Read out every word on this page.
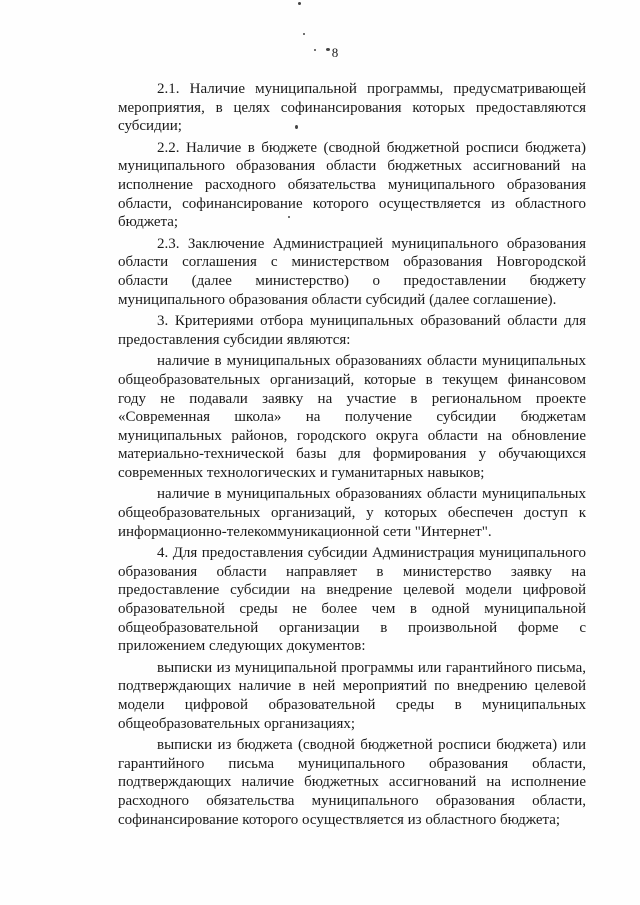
8

2.1. Наличие муниципальной программы, предусматривающей мероприятия, в целях софинансирования которых предоставляются субсидии;

2.2. Наличие в бюджете (сводной бюджетной росписи бюджета) муниципального образования области бюджетных ассигнований на исполнение расходного обязательства муниципального образования области, софинансирование которого осуществляется из областного бюджета;

2.3. Заключение Администрацией муниципального образования области соглашения с министерством образования Новгородской области (далее министерство) о предоставлении бюджету муниципального образования области субсидий (далее соглашение).

3. Критериями отбора муниципальных образований области для предоставления субсидии являются:

наличие в муниципальных образованиях области муниципальных общеобразовательных организаций, которые в текущем финансовом году не подавали заявку на участие в региональном проекте «Современная школа» на получение субсидии бюджетам муниципальных районов, городского округа области на обновление материально-технической базы для формирования у обучающихся современных технологических и гуманитарных навыков;

наличие в муниципальных образованиях области муниципальных общеобразовательных организаций, у которых обеспечен доступ к информационно-телекоммуникационной сети "Интернет".

4. Для предоставления субсидии Администрация муниципального образования области направляет в министерство заявку на предоставление субсидии на внедрение целевой модели цифровой образовательной среды не более чем в одной муниципальной общеобразовательной организации в произвольной форме с приложением следующих документов:

выписки из муниципальной программы или гарантийного письма, подтверждающих наличие в ней мероприятий по внедрению целевой модели цифровой образовательной среды в муниципальных общеобразовательных организациях;

выписки из бюджета (сводной бюджетной росписи бюджета) или гарантийного письма муниципального образования области, подтверждающих наличие бюджетных ассигнований на исполнение расходного обязательства муниципального образования области, софинансирование которого осуществляется из областного бюджета;
